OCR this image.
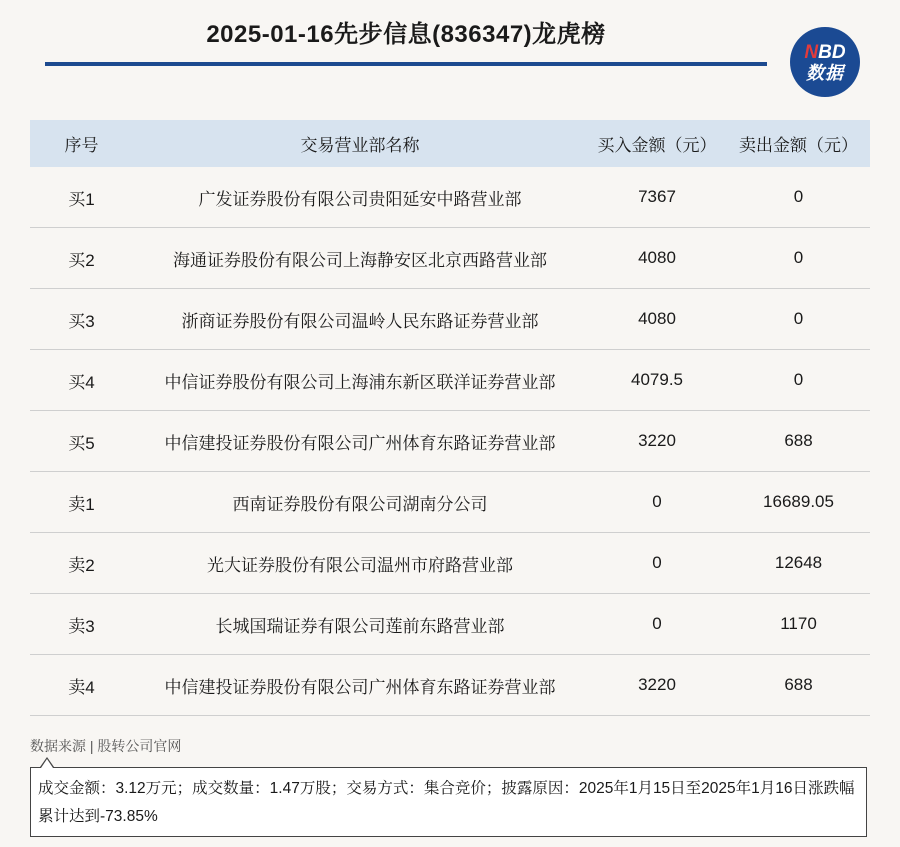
2025-01-16先步信息(836347)龙虎榜
NBD
数据
序号	交易营业部名称	买入金额（元）	卖出金额（元）
买1	广发证券股份有限公司贵阳延安中路营业部	7367	0
买2	海通证券股份有限公司上海静安区北京西路营业部	4080	0
买3	浙商证券股份有限公司温岭人民东路证券营业部	4080	0
买4	中信证券股份有限公司上海浦东新区联洋证券营业部	4079.5	0
买5	中信建投证券股份有限公司广州体育东路证券营业部	3220	688
卖1	西南证券股份有限公司湖南分公司	0	16689.05
卖2	光大证券股份有限公司温州市府路营业部	0	12648
卖3	长城国瑞证券有限公司莲前东路营业部	0	1170
卖4	中信建投证券股份有限公司广州体育东路证券营业部	3220	688
数据来源 | 股转公司官网
成交金额：3.12万元；成交数量：1.47万股；交易方式：集合竞价；披露原因：2025年1月15日至2025年1月16日涨跌幅累计达到-73.85%
